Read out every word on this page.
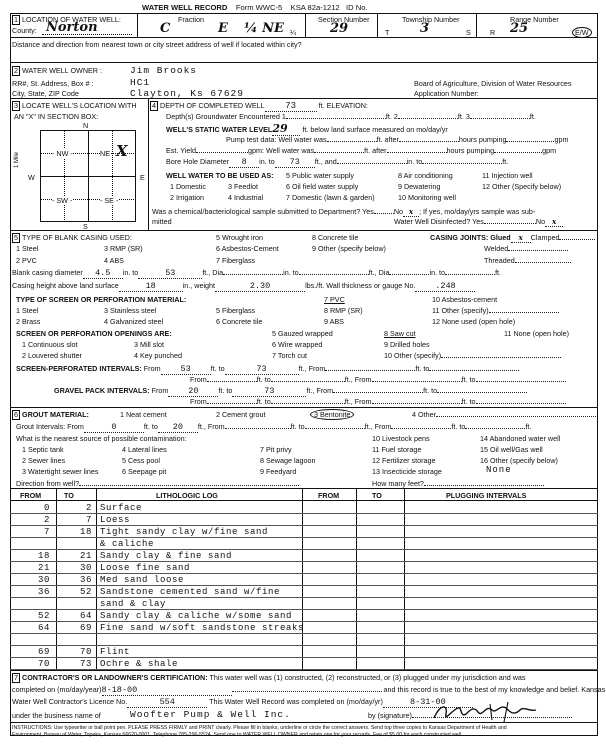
WATER WELL RECORD Form WWC-5 KSA 82a-1212 ID No.
1 LOCATION OF WATER WELL:
County: Norton
Fraction
C	E ¼ NE ¼
Section Number
29
Township Number
T 3	S
Range Number
R 25	E/W
Distance and direction from nearest town or city street address of well if located within city?
2 WATER WELL OWNER :	Jim Brooks
RR#, St. Address, Box # :	HC1
City, State, ZIP Code	Clayton, Ks 67629
Board of Agriculture, Division of Water Resources
Application Number:
3 LOCATE WELL'S LOCATION WITH
AN "X" IN SECTION BOX:
N
S
W	E
1 Mile	- NW -	NE
- SW -	- SE -
X
4 DEPTH OF COMPLETED WELL 73	ft. ELEVATION:
Depth(s) Groundwater Encountered 1	ft. 2	ft. 3	ft.
WELL'S STATIC WATER LEVEL29 ft. below land surface measured on mo/day/yr
Pump test data: Well water was	ft. after	hours pumping	gpm
Est. Yield	gpm: Well water was	ft. after	hours pumping	gpm
Bore Hole Diameter 8 in. to 73 ft., and	in. to	ft.
WELL WATER TO BE USED AS: 5 Public water supply	8 Air conditioning	11 Injection well
1 Domestic	3 Feedlot	6 Oil field water supply	9 Dewatering	12 Other (Specify below)
2 Irrigation	4 Industrial	7 Domestic (lawn & garden)	10 Monitoring well
Was a chemical/bacteriological sample submitted to Department? Yes	No x ; If yes, mo/day/yrs sample was sub-
mitted	Water Well Disinfected? Yes	No x
5 TYPE OF BLANK CASING USED:	5 Wrought iron	8 Concrete tile
1 Steel	3 RMP (SR)	6 Asbestos-Cement	9 Other (specify below)
2 PVC	4 ABS	7 Fiberglass
CASING JOINTS: Glued x Clamped
Welded
Threaded
Blank casing diameter 4.5 in. to	53	ft., Dia	in. to	ft., Dia	in. to	ft.
Casing height above land surface	18	in., weight	2.30	lbs./ft. Wall thickness or gauge No. .248
TYPE OF SCREEN OR PERFORATION MATERIAL:	7 PVC	10 Asbestos-cement
1 Steel	3 Stainless steel	5 Fiberglass	8 RMP (SR)	11 Other (specify)
2 Brass	4 Galvanized steel	6 Concrete tile	9 ABS	12 None used (open hole)
SCREEN OR PERFORATION OPENINGS ARE:	5 Gauzed wrapped	8 Saw cut	11 None (open hole)
1 Continuous slot	3 Mill slot	6 Wire wrapped	9 Drilled holes
2 Louvered shutter	4 Key punched	7 Torch cut	10 Other (specify)
SCREEN-PERFORATED INTERVALS: From 53	ft. to	73	ft., From	ft. to
From	ft. to	ft., From	ft. to
GRAVEL PACK INTERVALS: From 20	ft. to	73	ft., From	ft. to
From	ft. to	ft., From	ft. to
6 GROUT MATERIAL:	1 Neat cement	2 Cement grout	3 Bentonite	4 Other
Grout Intervals: From	0	ft. to 20 ft., From	ft. to	ft., From	ft. to	ft.
What is the nearest source of possible contamination:	10 Livestock pens	14 Abandoned water well
1 Septic tank	4 Lateral lines	7 Pit privy	11 Fuel storage	15 Oil well/Gas well
2 Sewer lines	5 Cess pool	8 Sewage lagoon	12 Fertilizer storage	16 Other (specify below)
3 Watertight sewer lines	6 Seepage pit	9 Feedyard	13 Insecticide storage	None
Direction from well?	How many feet?
FROM	TO	LITHOLOGIC LOG	FROM	TO	PLUGGING INTERVALS
0	2 Surface
2	7 Loess
7	18 Tight sandy clay w/fine sand
& caliche
18	21 Sandy clay & fine sand
21	30 Loose fine sand
30	36 Med sand loose
36	52 Sandstone cemented sand w/fine
sand & clay
52	64 Sandy clay & caliche w/some sand
64	69 Fine sand w/soft sandstone streaks
69	70 Flint
70	73 Ochre & shale
7 CONTRACTOR'S OR LANDOWNER'S CERTIFICATION: This water well was (1) constructed, (2) reconstructed, or (3) plugged under my jurisdiction and was
completed on (mo/day/year)8-18-00	and this record is true to the best of my knowledge and belief. Kansas
Water Well Contractor's Licence No.	554	This Water Well Record was completed on (mo/day/yr)	8-31-00
under the business name of	Woofter Pump & Well Inc.	by (signature)
INSTRUCTIONS: Use typewriter or ball point pen. PLEASE PRESS FIRMLY and PRINT clearly. Please fill in blanks, underline or circle the correct answers. Send top three copies to Kansas Department of Health and
Environment, Bureau of Water, Topeka, Kansas 66620-0001. Telephone 785-296-5524. Send one to WATER WELL OWNER and retain one for your records. Fee of $5.00 for each constructed well.
